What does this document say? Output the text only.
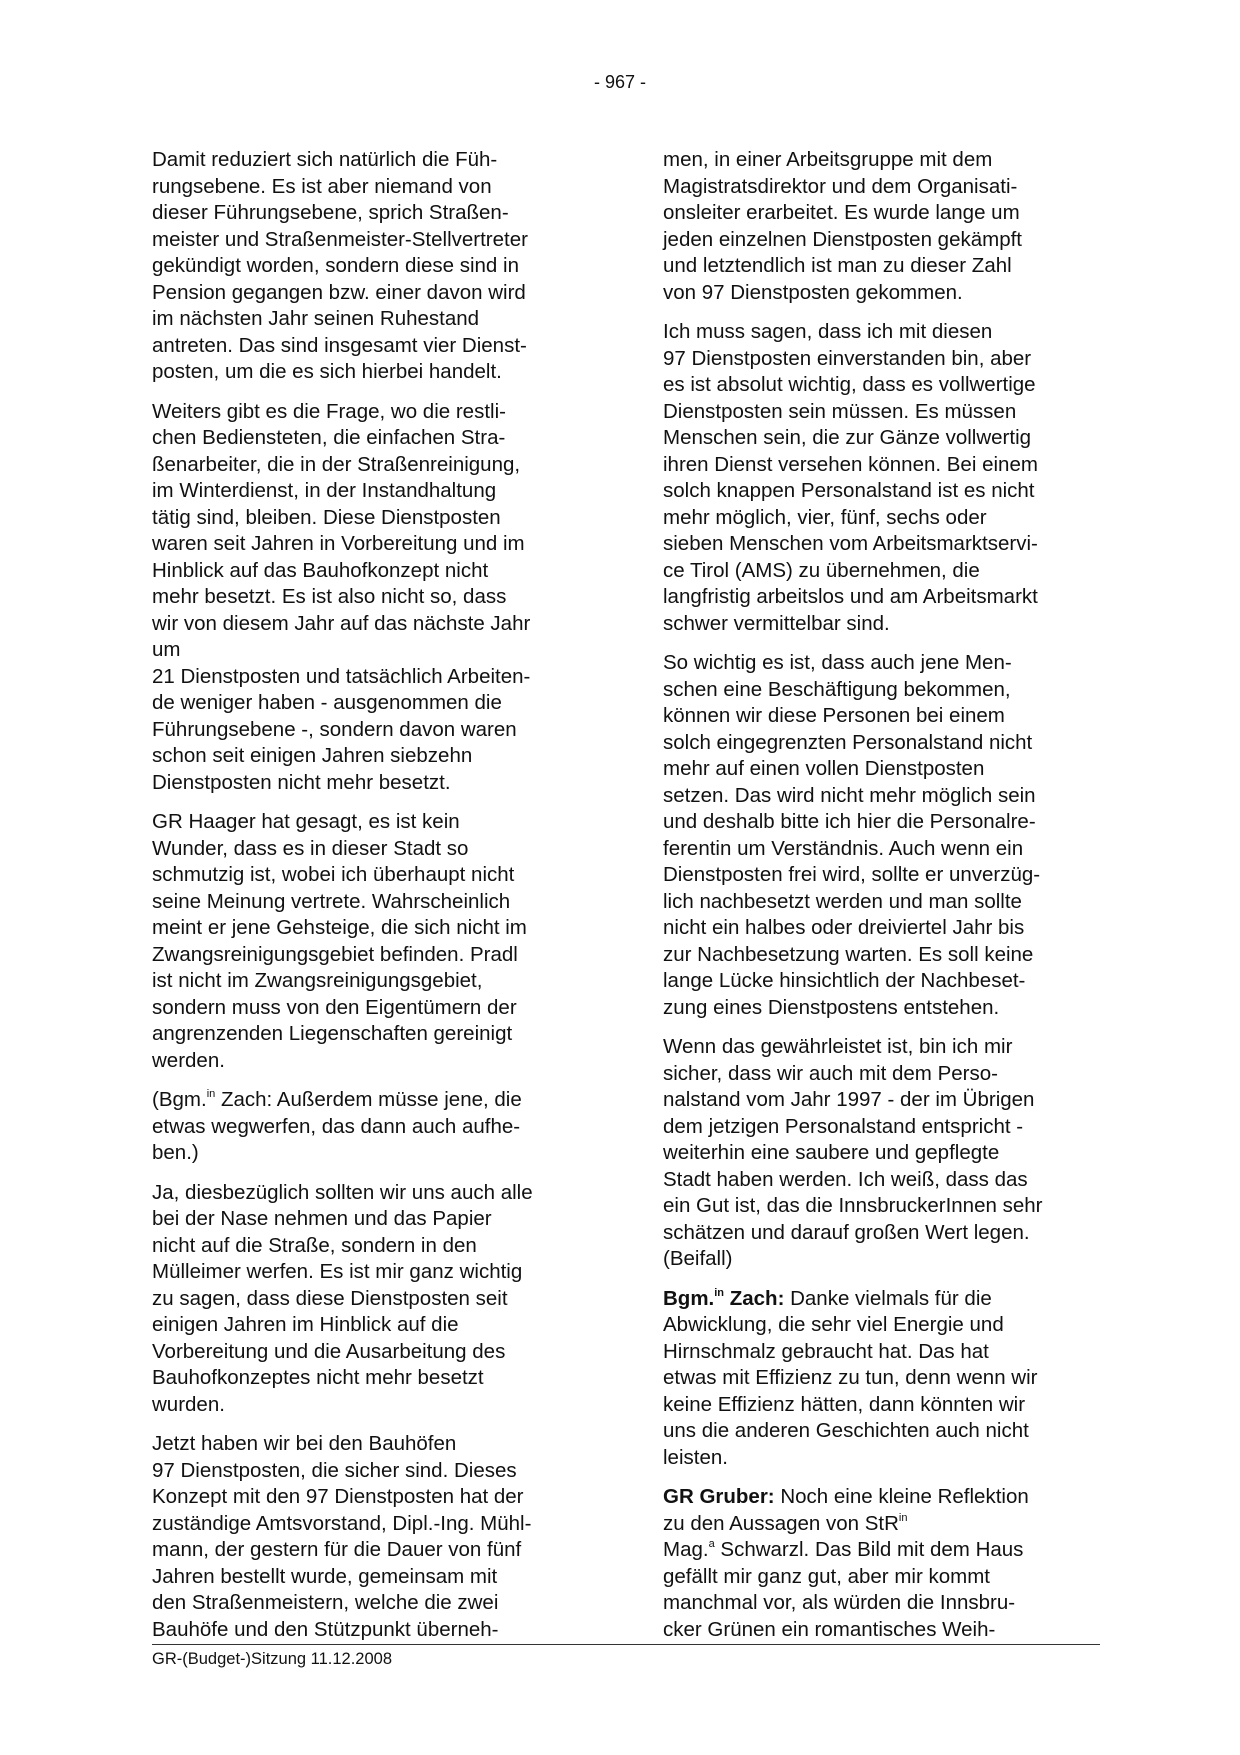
- 967 -

Damit reduziert sich natürlich die Füh-
rungsebene. Es ist aber niemand von
dieser Führungsebene, sprich Straßen-
meister und Straßenmeister-Stellvertreter
gekündigt worden, sondern diese sind in
Pension gegangen bzw. einer davon wird
im nächsten Jahr seinen Ruhestand
antreten. Das sind insgesamt vier Dienst-
posten, um die es sich hierbei handelt.

Weiters gibt es die Frage, wo die restli-
chen Bediensteten, die einfachen Stra-
ßenarbeiter, die in der Straßenreinigung,
im Winterdienst, in der Instandhaltung
tätig sind, bleiben. Diese Dienstposten
waren seit Jahren in Vorbereitung und im
Hinblick auf das Bauhofkonzept nicht
mehr besetzt. Es ist also nicht so, dass
wir von diesem Jahr auf das nächste Jahr
um
21 Dienstposten und tatsächlich Arbeiten-
de weniger haben - ausgenommen die
Führungsebene -, sondern davon waren
schon seit einigen Jahren siebzehn
Dienstposten nicht mehr besetzt.

GR Haager hat gesagt, es ist kein
Wunder, dass es in dieser Stadt so
schmutzig ist, wobei ich überhaupt nicht
seine Meinung vertrete. Wahrscheinlich
meint er jene Gehsteige, die sich nicht im
Zwangsreinigungsgebiet befinden. Pradl
ist nicht im Zwangsreinigungsgebiet,
sondern muss von den Eigentümern der
angrenzenden Liegenschaften gereinigt
werden.

(Bgm.$^{in}$ Zach: Außerdem müsse jene, die
etwas wegwerfen, das dann auch aufhe-
ben.)

Ja, diesbezüglich sollten wir uns auch alle
bei der Nase nehmen und das Papier
nicht auf die Straße, sondern in den
Mülleimer werfen. Es ist mir ganz wichtig
zu sagen, dass diese Dienstposten seit
einigen Jahren im Hinblick auf die
Vorbereitung und die Ausarbeitung des
Bauhofkonzeptes nicht mehr besetzt
wurden.

Jetzt haben wir bei den Bauhöfen
97 Dienstposten, die sicher sind. Dieses
Konzept mit den 97 Dienstposten hat der
zuständige Amtsvorstand, Dipl.-Ing. Mühl-
mann, der gestern für die Dauer von fünf
Jahren bestellt wurde, gemeinsam mit
den Straßenmeistern, welche die zwei
Bauhöfe und den Stützpunkt überneh-

men, in einer Arbeitsgruppe mit dem
Magistratsdirektor und dem Organisati-
onsleiter erarbeitet. Es wurde lange um
jeden einzelnen Dienstposten gekämpft
und letztendlich ist man zu dieser Zahl
von 97 Dienstposten gekommen.

Ich muss sagen, dass ich mit diesen
97 Dienstposten einverstanden bin, aber
es ist absolut wichtig, dass es vollwertige
Dienstposten sein müssen. Es müssen
Menschen sein, die zur Gänze vollwertig
ihren Dienst versehen können. Bei einem
solch knappen Personalstand ist es nicht
mehr möglich, vier, fünf, sechs oder
sieben Menschen vom Arbeitsmarktservi-
ce Tirol (AMS) zu übernehmen, die
langfristig arbeitslos und am Arbeitsmarkt
schwer vermittelbar sind.

So wichtig es ist, dass auch jene Men-
schen eine Beschäftigung bekommen,
können wir diese Personen bei einem
solch eingegrenzten Personalstand nicht
mehr auf einen vollen Dienstposten
setzen. Das wird nicht mehr möglich sein
und deshalb bitte ich hier die Personalre-
ferentin um Verständnis. Auch wenn ein
Dienstposten frei wird, sollte er unverzüg-
lich nachbesetzt werden und man sollte
nicht ein halbes oder dreiviertel Jahr bis
zur Nachbesetzung warten. Es soll keine
lange Lücke hinsichtlich der Nachbeset-
zung eines Dienstpostens entstehen.

Wenn das gewährleistet ist, bin ich mir
sicher, dass wir auch mit dem Perso-
nalstand vom Jahr 1997 - der im Übrigen
dem jetzigen Personalstand entspricht -
weiterhin eine saubere und gepflegte
Stadt haben werden. Ich weiß, dass das
ein Gut ist, das die InnsbruckerInnen sehr
schätzen und darauf großen Wert legen.
(Beifall)

Bgm.$^{in}$ Zach: Danke vielmals für die
Abwicklung, die sehr viel Energie und
Hirnschmalz gebraucht hat. Das hat
etwas mit Effizienz zu tun, denn wenn wir
keine Effizienz hätten, dann könnten wir
uns die anderen Geschichten auch nicht
leisten.

GR Gruber: Noch eine kleine Reflektion
zu den Aussagen von StR$^{in}$
Mag.$^a$ Schwarzl. Das Bild mit dem Haus
gefällt mir ganz gut, aber mir kommt
manchmal vor, als würden die Innsbru-
cker Grünen ein romantisches Weih-

GR-(Budget-)Sitzung 11.12.2008
